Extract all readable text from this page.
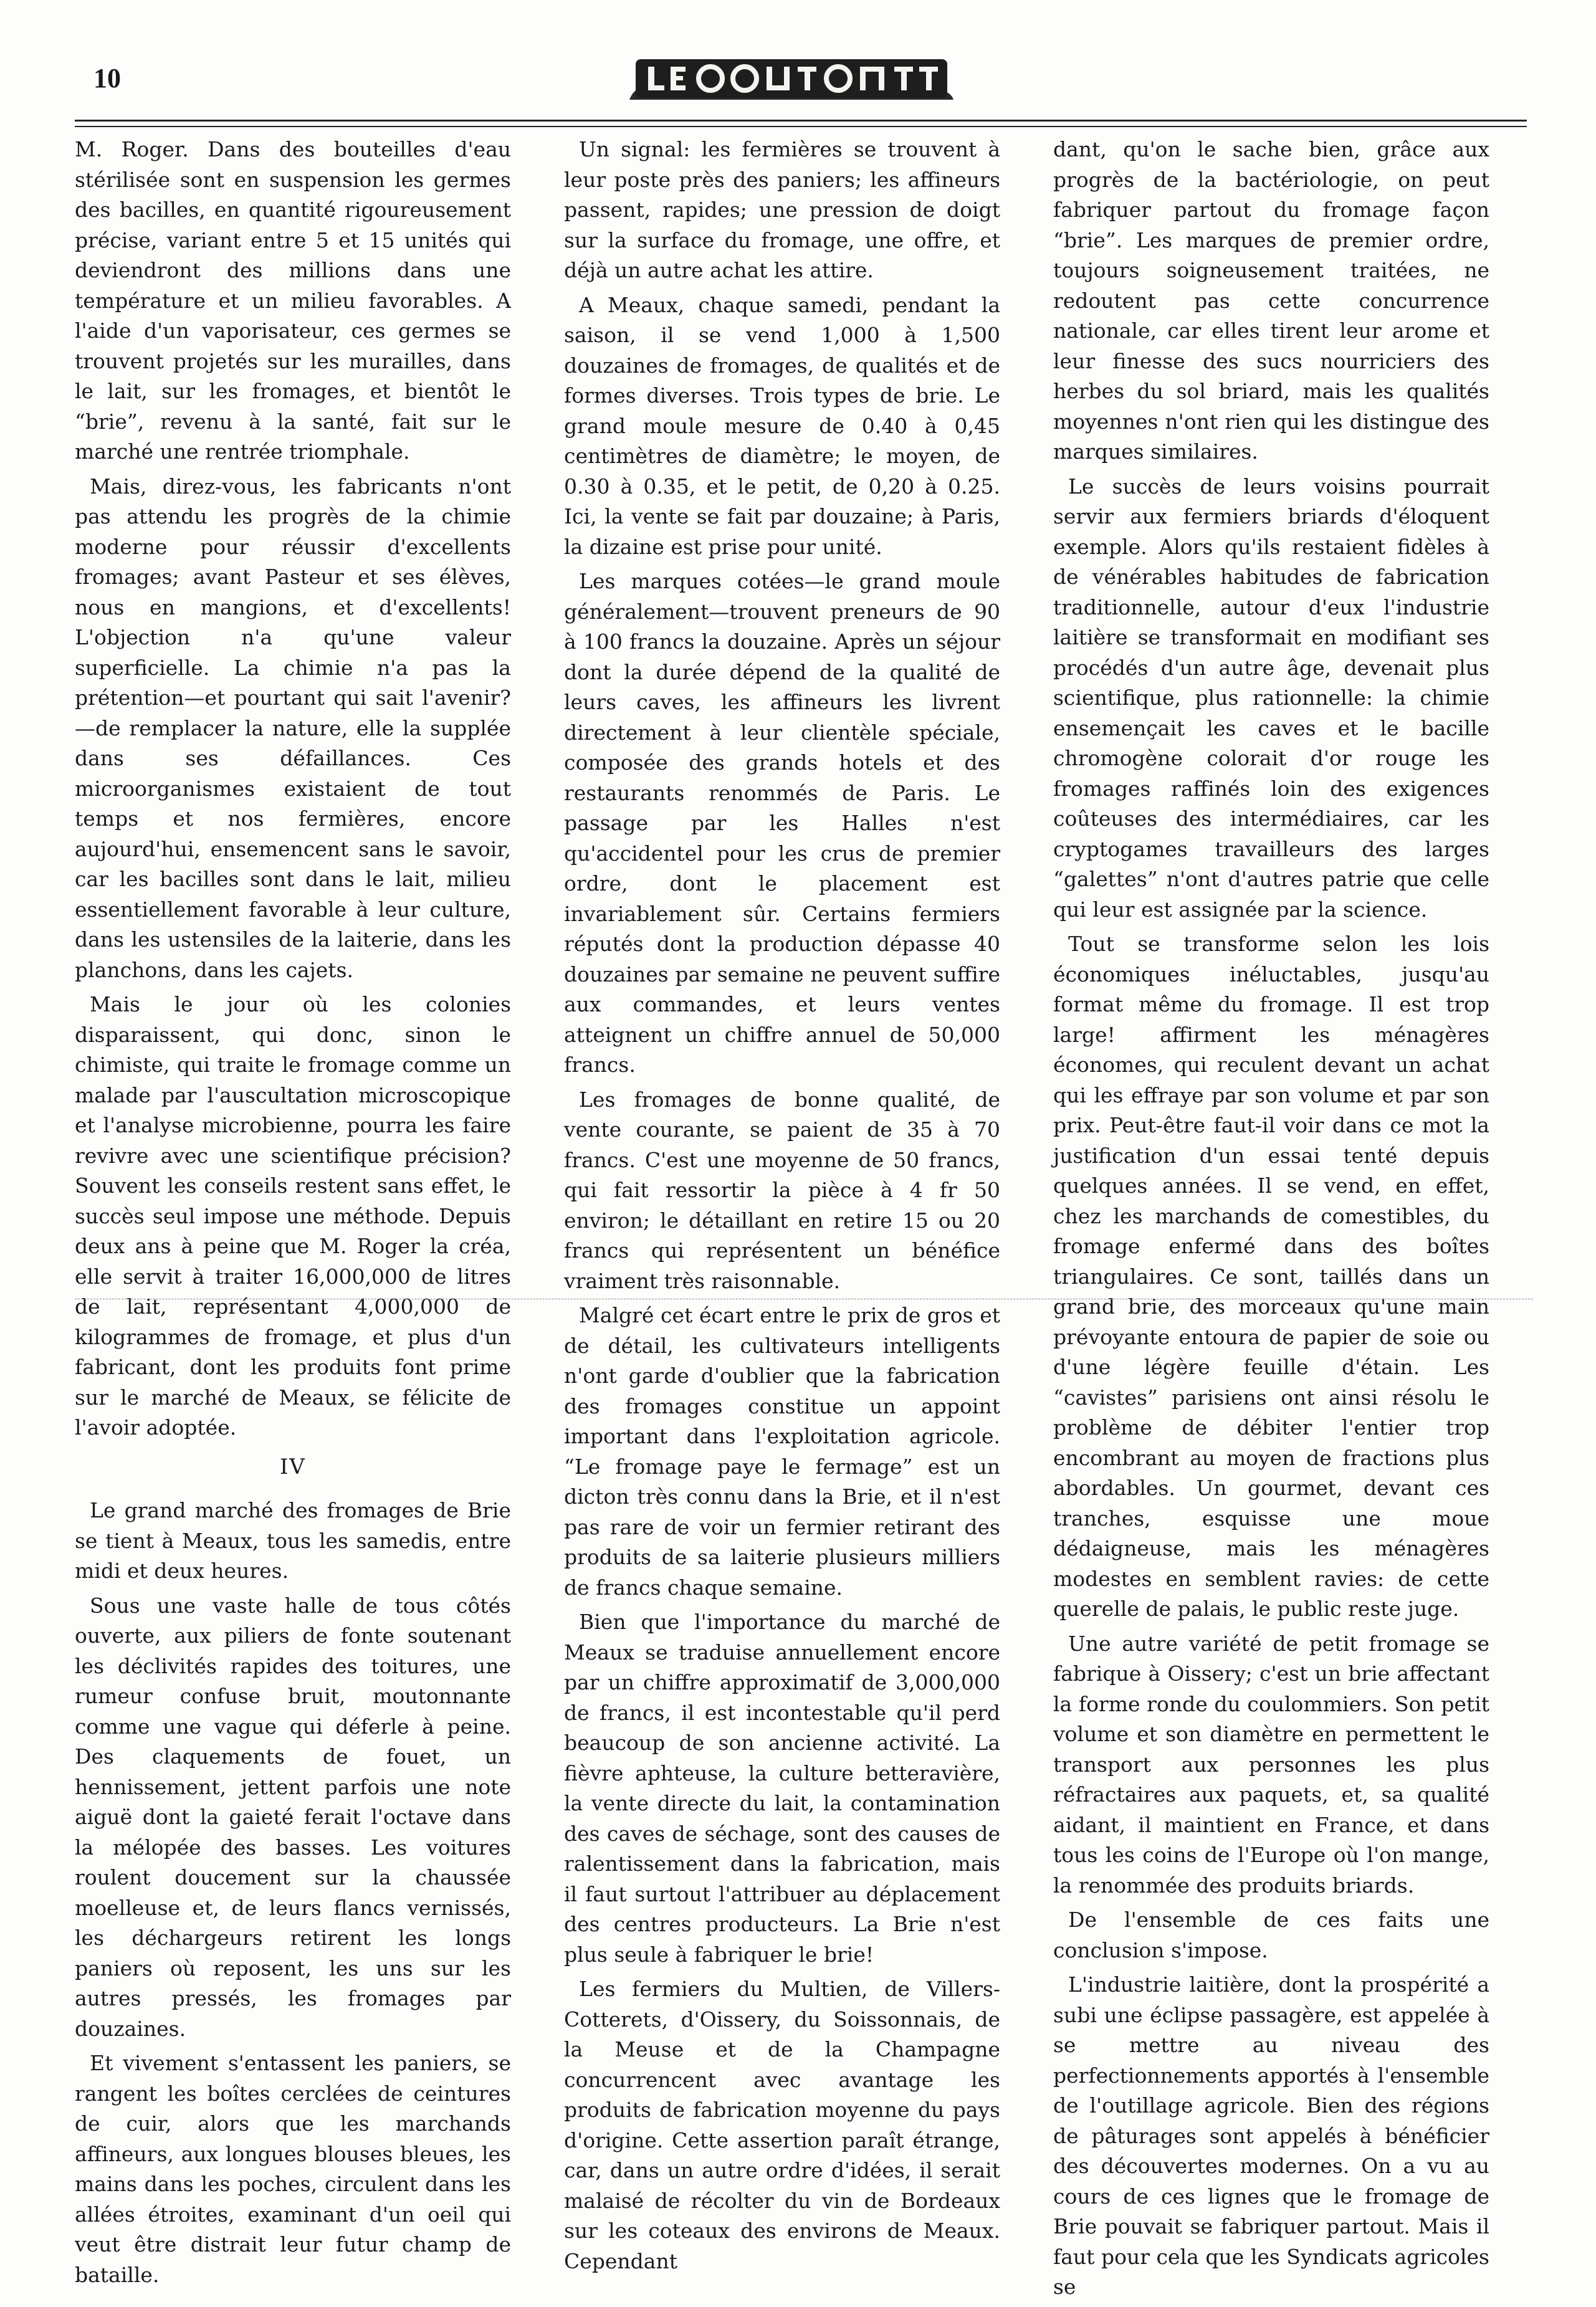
10

M. Roger. Dans des bouteilles d'eau stérilisée sont en suspension les germes des bacilles, en quantité rigoureusement précise, variant entre 5 et 15 unités qui deviendront des millions dans une température et un milieu favorables. A l'aide d'un vaporisateur, ces germes se trouvent projetés sur les murailles, dans le lait, sur les fromages, et bientôt le “brie”, revenu à la santé, fait sur le marché une rentrée triomphale.

Mais, direz-vous, les fabricants n'ont pas attendu les progrès de la chimie moderne pour réussir d'excellents fromages; avant Pasteur et ses élèves, nous en mangions, et d'excellents! L'objection n'a qu'une valeur superficielle. La chimie n'a pas la prétention—et pourtant qui sait l'avenir?—de remplacer la nature, elle la supplée dans ses défaillances. Ces microorganismes existaient de tout temps et nos fermières, encore aujourd'hui, ensemencent sans le savoir, car les bacilles sont dans le lait, milieu essentiellement favorable à leur culture, dans les ustensiles de la laiterie, dans les planchons, dans les cajets.

Mais le jour où les colonies disparaissent, qui donc, sinon le chimiste, qui traite le fromage comme un malade par l'auscultation microscopique et l'analyse microbienne, pourra les faire revivre avec une scientifique précision? Souvent les conseils restent sans effet, le succès seul impose une méthode. Depuis deux ans à peine que M. Roger la créa, elle servit à traiter 16,000,000 de litres de lait, représentant 4,000,000 de kilogrammes de fromage, et plus d'un fabricant, dont les produits font prime sur le marché de Meaux, se félicite de l'avoir adoptée.

IV

Le grand marché des fromages de Brie se tient à Meaux, tous les samedis, entre midi et deux heures.

Sous une vaste halle de tous côtés ouverte, aux piliers de fonte soutenant les déclivités rapides des toitures, une rumeur confuse bruit, moutonnante comme une vague qui déferle à peine. Des claquements de fouet, un hennissement, jettent parfois une note aiguë dont la gaieté ferait l'octave dans la mélopée des basses. Les voitures roulent doucement sur la chaussée moelleuse et, de leurs flancs vernissés, les déchargeurs retirent les longs paniers où reposent, les uns sur les autres pressés, les fromages par douzaines.

Et vivement s'entassent les paniers, se rangent les boîtes cerclées de ceintures de cuir, alors que les marchands affineurs, aux longues blouses bleues, les mains dans les poches, circulent dans les allées étroites, examinant d'un oeil qui veut être distrait leur futur champ de bataille.

Un signal: les fermières se trouvent à leur poste près des paniers; les affineurs passent, rapides; une pression de doigt sur la surface du fromage, une offre, et déjà un autre achat les attire.

A Meaux, chaque samedi, pendant la saison, il se vend 1,000 à 1,500 douzaines de fromages, de qualités et de formes diverses. Trois types de brie. Le grand moule mesure de 0.40 à 0,45 centimètres de diamètre; le moyen, de 0.30 à 0.35, et le petit, de 0,20 à 0.25. Ici, la vente se fait par douzaine; à Paris, la dizaine est prise pour unité.

Les marques cotées—le grand moule généralement—trouvent preneurs de 90 à 100 francs la douzaine. Après un séjour dont la durée dépend de la qualité de leurs caves, les affineurs les livrent directement à leur clientèle spéciale, composée des grands hotels et des restaurants renommés de Paris. Le passage par les Halles n'est qu'accidentel pour les crus de premier ordre, dont le placement est invariablement sûr. Certains fermiers réputés dont la production dépasse 40 douzaines par semaine ne peuvent suffire aux commandes, et leurs ventes atteignent un chiffre annuel de 50,000 francs.

Les fromages de bonne qualité, de vente courante, se paient de 35 à 70 francs. C'est une moyenne de 50 francs, qui fait ressortir la pièce à 4 fr 50 environ; le détaillant en retire 15 ou 20 francs qui représentent un bénéfice vraiment très raisonnable.

Malgré cet écart entre le prix de gros et de détail, les cultivateurs intelligents n'ont garde d'oublier que la fabrication des fromages constitue un appoint important dans l'exploitation agricole. “Le fromage paye le fermage” est un dicton très connu dans la Brie, et il n'est pas rare de voir un fermier retirant des produits de sa laiterie plusieurs milliers de francs chaque semaine.

Bien que l'importance du marché de Meaux se traduise annuellement encore par un chiffre approximatif de 3,000,000 de francs, il est incontestable qu'il perd beaucoup de son ancienne activité. La fièvre aphteuse, la culture betteravière, la vente directe du lait, la contamination des caves de séchage, sont des causes de ralentissement dans la fabrication, mais il faut surtout l'attribuer au déplacement des centres producteurs. La Brie n'est plus seule à fabriquer le brie!

Les fermiers du Multien, de Villers-Cotterets, d'Oissery, du Soissonnais, de la Meuse et de la Champagne concurrencent avec avantage les produits de fabrication moyenne du pays d'origine. Cette assertion paraît étrange, car, dans un autre ordre d'idées, il serait malaisé de récolter du vin de Bordeaux sur les coteaux des environs de Meaux. Cependant

dant, qu'on le sache bien, grâce aux progrès de la bactériologie, on peut fabriquer partout du fromage façon “brie”. Les marques de premier ordre, toujours soigneusement traitées, ne redoutent pas cette concurrence nationale, car elles tirent leur arome et leur finesse des sucs nourriciers des herbes du sol briard, mais les qualités moyennes n'ont rien qui les distingue des marques similaires.

Le succès de leurs voisins pourrait servir aux fermiers briards d'éloquent exemple. Alors qu'ils restaient fidèles à de vénérables habitudes de fabrication traditionnelle, autour d'eux l'industrie laitière se transformait en modifiant ses procédés d'un autre âge, devenait plus scientifique, plus rationnelle: la chimie ensemençait les caves et le bacille chromogène colorait d'or rouge les fromages raffinés loin des exigences coûteuses des intermédiaires, car les cryptogames travailleurs des larges “galettes” n'ont d'autres patrie que celle qui leur est assignée par la science.

Tout se transforme selon les lois économiques inéluctables, jusqu'au format même du fromage. Il est trop large! affirment les ménagères économes, qui reculent devant un achat qui les effraye par son volume et par son prix. Peut-être faut-il voir dans ce mot la justification d'un essai tenté depuis quelques années. Il se vend, en effet, chez les marchands de comestibles, du fromage enfermé dans des boîtes triangulaires. Ce sont, taillés dans un grand brie, des morceaux qu'une main prévoyante entoura de papier de soie ou d'une légère feuille d'étain. Les “cavistes” parisiens ont ainsi résolu le problème de débiter l'entier trop encombrant au moyen de fractions plus abordables. Un gourmet, devant ces tranches, esquisse une moue dédaigneuse, mais les ménagères modestes en semblent ravies: de cette querelle de palais, le public reste juge.

Une autre variété de petit fromage se fabrique à Oissery; c'est un brie affectant la forme ronde du coulommiers. Son petit volume et son diamètre en permettent le transport aux personnes les plus réfractaires aux paquets, et, sa qualité aidant, il maintient en France, et dans tous les coins de l'Europe où l'on mange, la renommée des produits briards.

De l'ensemble de ces faits une conclusion s'impose.

L'industrie laitière, dont la prospérité a subi une éclipse passagère, est appelée à se mettre au niveau des perfectionnements apportés à l'ensemble de l'outillage agricole. Bien des régions de pâturages sont appelés à bénéficier des découvertes modernes. On a vu au cours de ces lignes que le fromage de Brie pouvait se fabriquer partout. Mais il faut pour cela que les Syndicats agricoles se
